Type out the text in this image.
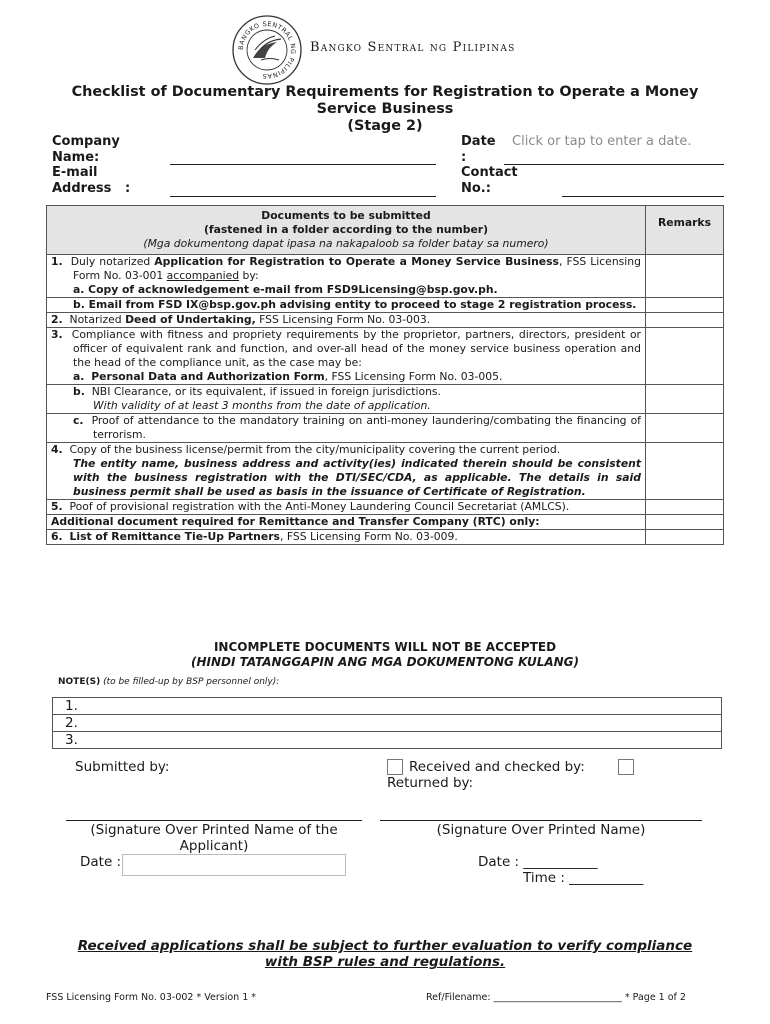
BANGKO SENTRAL NG PILIPINAS
Bangko Sentral ng Pilipinas
Checklist of Documentary Requirements for Registration to Operate a Money
Service Business
(Stage 2)
Company
Name:
E-mail
Address   :
Date
:
Click or tap to enter a date.
Contact
No.:
Documents to be submitted
(fastened in a folder according to the number)
(Mga dokumentong dapat ipasa na nakapaloob sa folder batay sa numero)	Remarks

1. Duly notarized Application for Registration to Operate a Money Service Business, FSS Licensing Form No. 03-001 accompanied by:
a. Copy of acknowledgement e-mail from FSD9Licensing@bsp.gov.ph.	

b. Email from FSD IX@bsp.gov.ph advising entity to proceed to stage 2 registration process.	

2. Notarized Deed of Undertaking, FSS Licensing Form No. 03-003.	

3. Compliance with fitness and propriety requirements by the proprietor, partners, directors, president or officer of equivalent rank and function, and over-all head of the money service business operation and the head of the compliance unit, as the case may be:
a. Personal Data and Authorization Form, FSS Licensing Form No. 03-005.	

b. NBI Clearance, or its equivalent, if issued in foreign jurisdictions.
With validity of at least 3 months from the date of application.	

c. Proof of attendance to the mandatory training on anti-money laundering/combating the financing of terrorism.	

4. Copy of the business license/permit from the city/municipality covering the current period.
The entity name, business address and activity(ies) indicated therein should be consistent with the business registration with the DTI/SEC/CDA, as applicable. The details in said business permit shall be used as basis in the issuance of Certificate of Registration.	

5. Poof of provisional registration with the Anti-Money Laundering Council Secretariat (AMLCS).	

Additional document required for Remittance and Transfer Company (RTC) only:	

6. List of Remittance Tie-Up Partners, FSS Licensing Form No. 03-009.	
INCOMPLETE DOCUMENTS WILL NOT BE ACCEPTED
(HINDI TATANGGAPIN ANG MGA DOKUMENTONG KULANG)
NOTE(S) (to be filled-up by BSP personnel only):
1.
2.
3.
Submitted by:	Received and checked by:
Returned by:
(Signature Over Printed Name of the
Applicant)
(Signature Over Printed Name)
Date :	Date : ___________
Time : ___________
Received applications shall be subject to further evaluation to verify compliance
with BSP rules and regulations.
FSS Licensing Form No. 03-002 * Version 1 *	Ref/Filename: ___________________________ * Page 1 of 2
